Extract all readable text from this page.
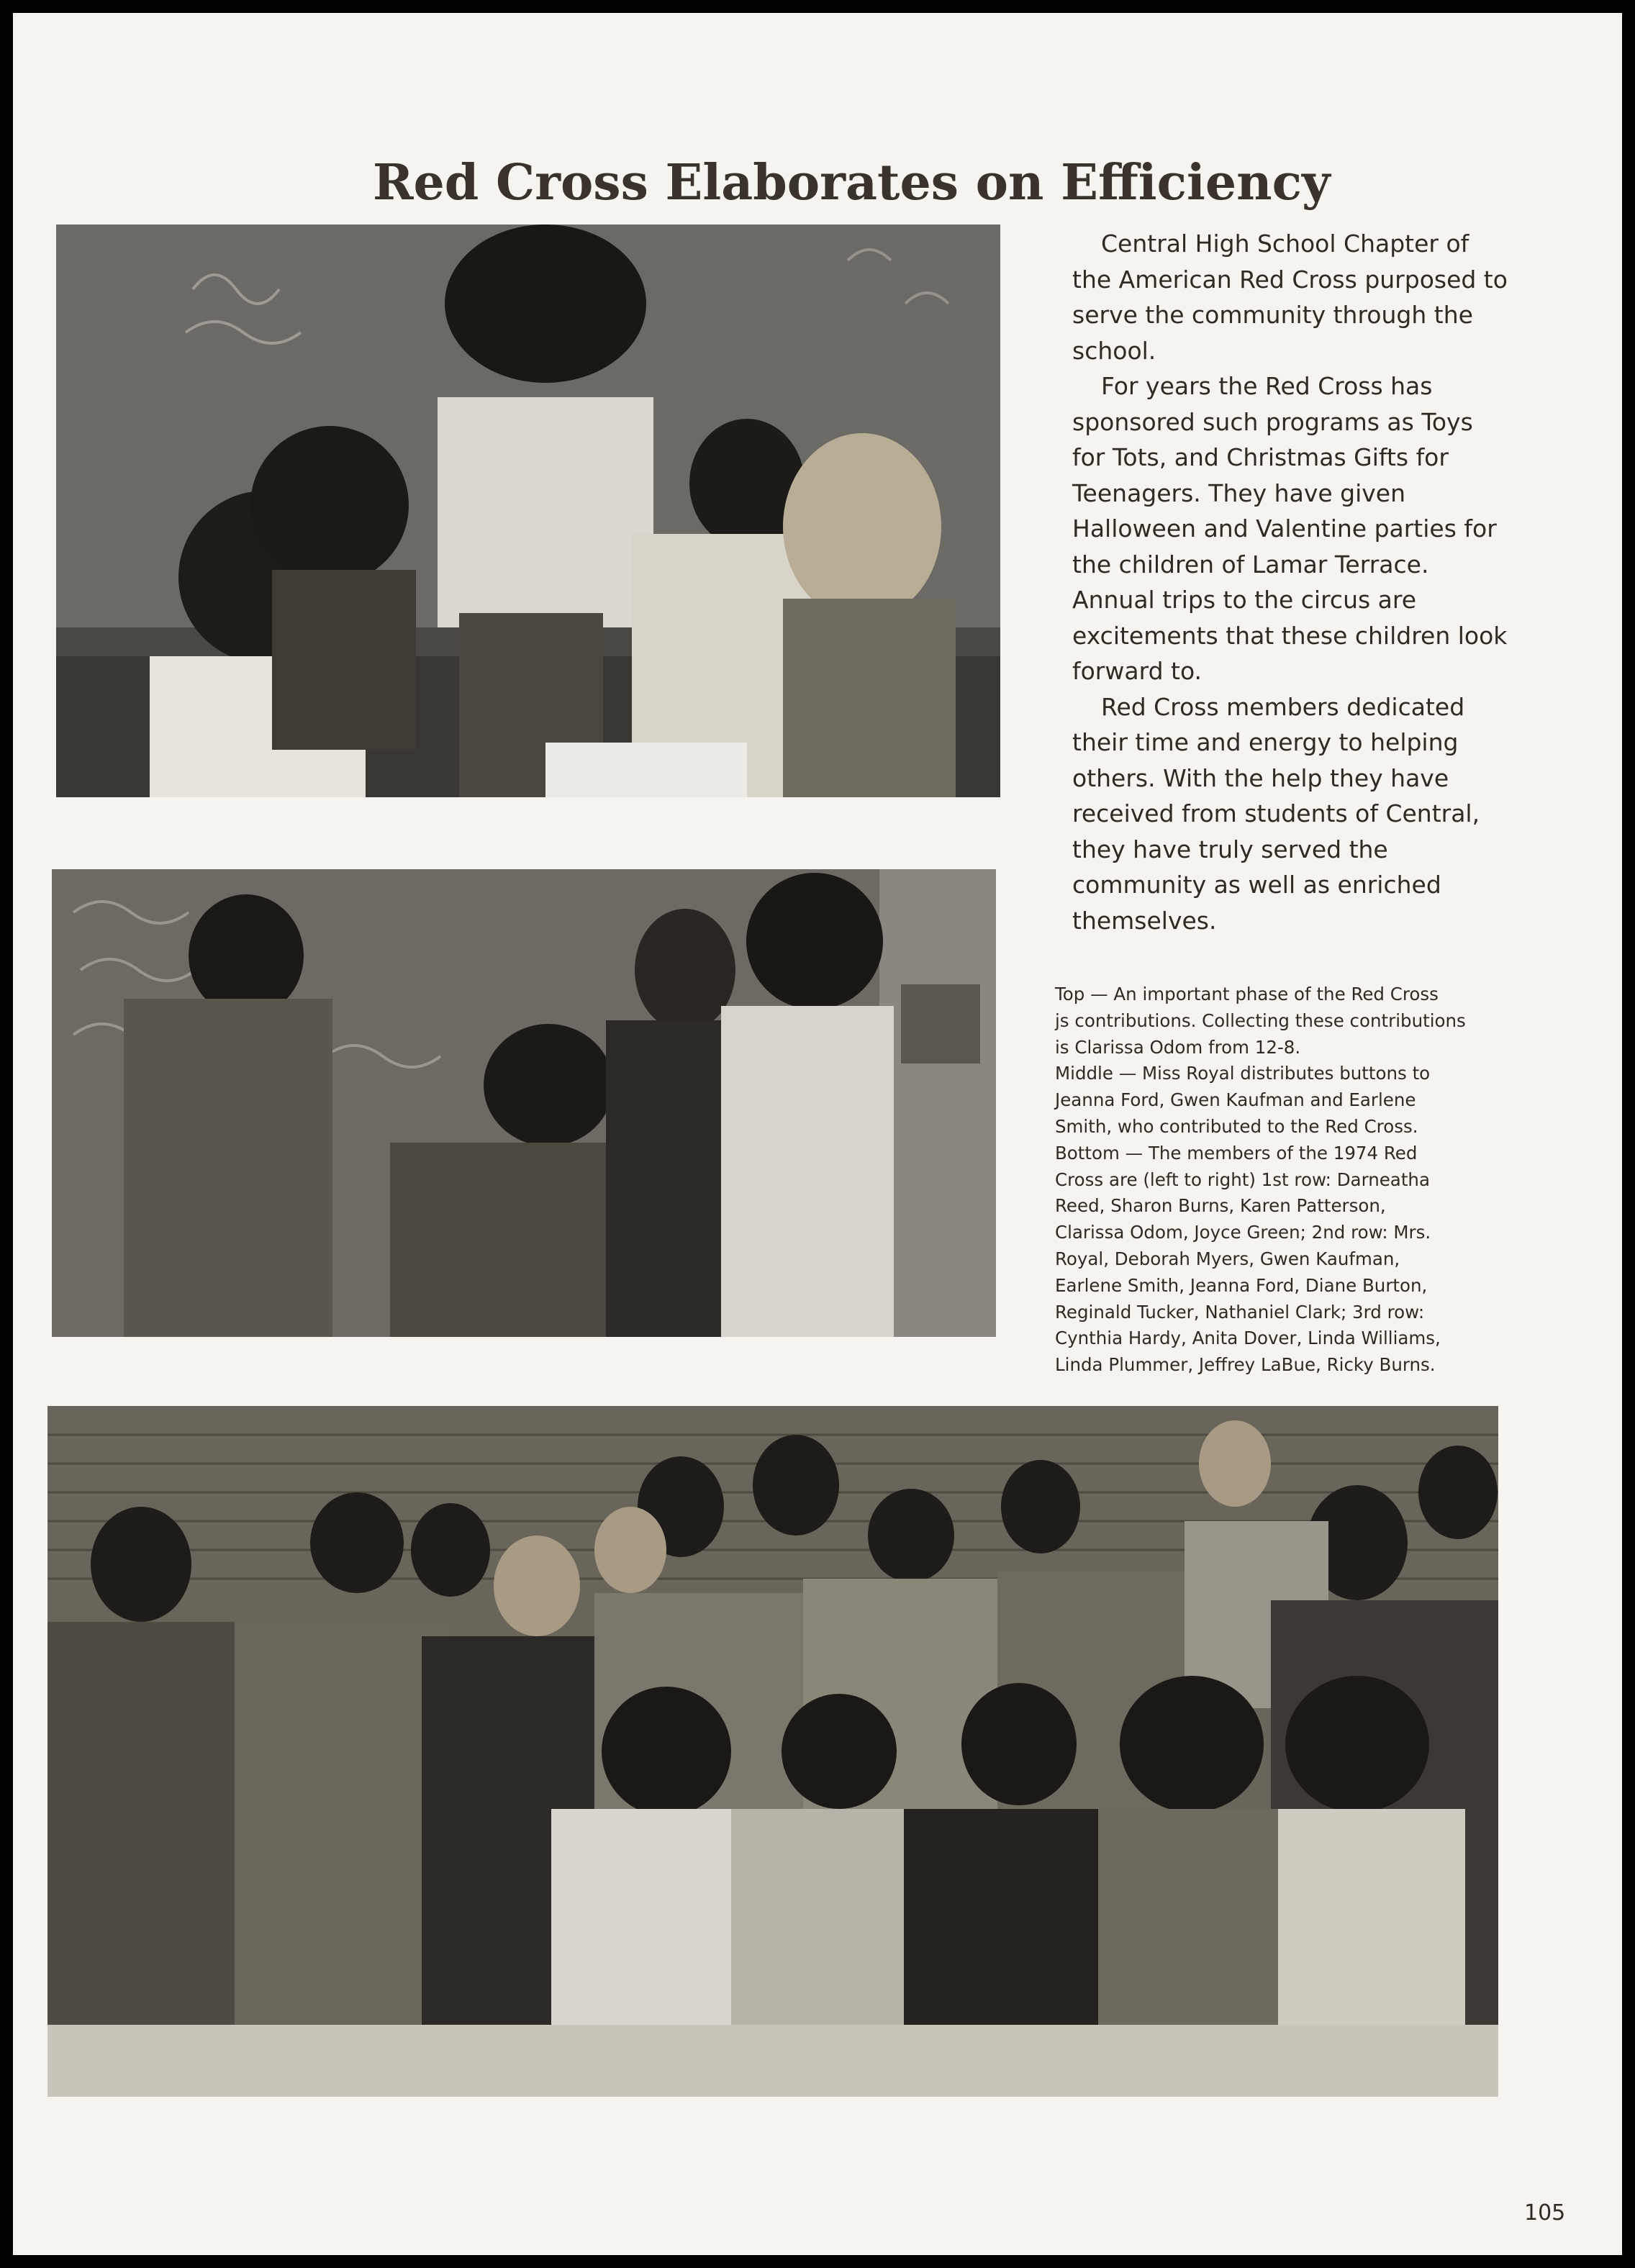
Red Cross Elaborates on Efficiency

Central High School Chapter of
the American Red Cross purposed to
serve the community through the
school.

For years the Red Cross has
sponsored such programs as Toys
for Tots, and Christmas Gifts for
Teenagers. They have given
Halloween and Valentine parties for
the children of Lamar Terrace.
Annual trips to the circus are
excitements that these children look
forward to.

Red Cross members dedicated
their time and energy to helping
others. With the help they have
received from students of Central,
they have truly served the
community as well as enriched
themselves.

Top — An important phase of the Red Cross
js contributions. Collecting these contributions
is Clarissa Odom from 12-8.
Middle — Miss Royal distributes buttons to
Jeanna Ford, Gwen Kaufman and Earlene
Smith, who contributed to the Red Cross.
Bottom — The members of the 1974 Red
Cross are (left to right) 1st row: Darneatha
Reed, Sharon Burns, Karen Patterson,
Clarissa Odom, Joyce Green; 2nd row: Mrs.
Royal, Deborah Myers, Gwen Kaufman,
Earlene Smith, Jeanna Ford, Diane Burton,
Reginald Tucker, Nathaniel Clark; 3rd row:
Cynthia Hardy, Anita Dover, Linda Williams,
Linda Plummer, Jeffrey LaBue, Ricky Burns.
105
